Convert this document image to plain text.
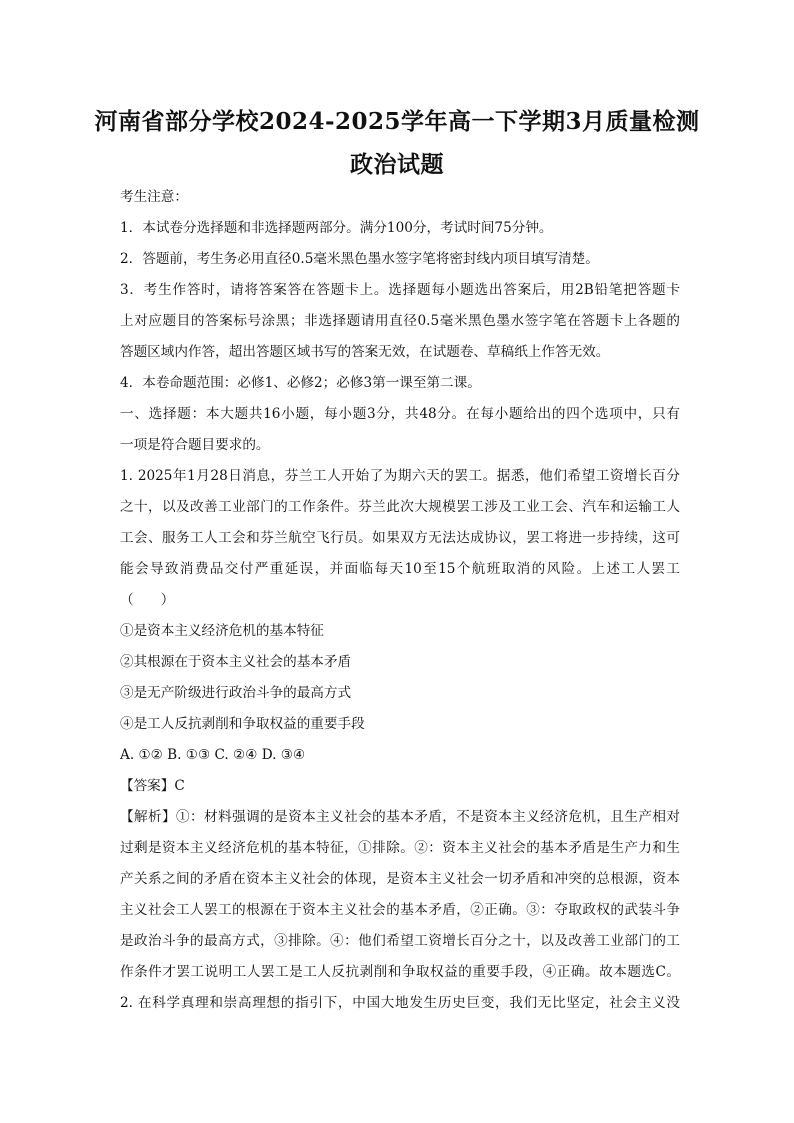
河南省部分学校2024-2025学年高一下学期3月质量检测
政治试题
考生注意：
1．本试卷分选择题和非选择题两部分。满分100分，考试时间75分钟。
2．答题前，考生务必用直径0.5毫米黑色墨水签字笔将密封线内项目填写清楚。
3．考生作答时，请将答案答在答题卡上。选择题每小题选出答案后，用2B铅笔把答题卡
上对应题目的答案标号涂黑；非选择题请用直径0.5毫米黑色墨水签字笔在答题卡上各题的
答题区域内作答，超出答题区域书写的答案无效，在试题卷、草稿纸上作答无效。
4．本卷命题范围：必修1、必修2；必修3第一课至第二课。
一、选择题：本大题共16小题，每小题3分，共48分。在每小题给出的四个选项中，只有
一项是符合题目要求的。
1. 2025年1月28日消息，芬兰工人开始了为期六天的罢工。据悉，他们希望工资增长百分
之十，以及改善工业部门的工作条件。芬兰此次大规模罢工涉及工业工会、汽车和运输工人
工会、服务工人工会和芬兰航空飞行员。如果双方无法达成协议，罢工将进一步持续，这可
能会导致消费品交付严重延误，并面临每天10至15个航班取消的风险。上述工人罢工
（　　）
①是资本主义经济危机的基本特征
②其根源在于资本主义社会的基本矛盾
③是无产阶级进行政治斗争的最高方式
④是工人反抗剥削和争取权益的重要手段
A. ①② B. ①③ C. ②④ D. ③④
【答案】C
【解析】①：材料强调的是资本主义社会的基本矛盾，不是资本主义经济危机，且生产相对
过剩是资本主义经济危机的基本特征，①排除。②：资本主义社会的基本矛盾是生产力和生
产关系之间的矛盾在资本主义社会的体现，是资本主义社会一切矛盾和冲突的总根源，资本
主义社会工人罢工的根源在于资本主义社会的基本矛盾，②正确。③：夺取政权的武装斗争
是政治斗争的最高方式，③排除。④：他们希望工资增长百分之十，以及改善工业部门的工
作条件才罢工说明工人罢工是工人反抗剥削和争取权益的重要手段，④正确。故本题选C。
2. 在科学真理和崇高理想的指引下，中国大地发生历史巨变，我们无比坚定，社会主义没
